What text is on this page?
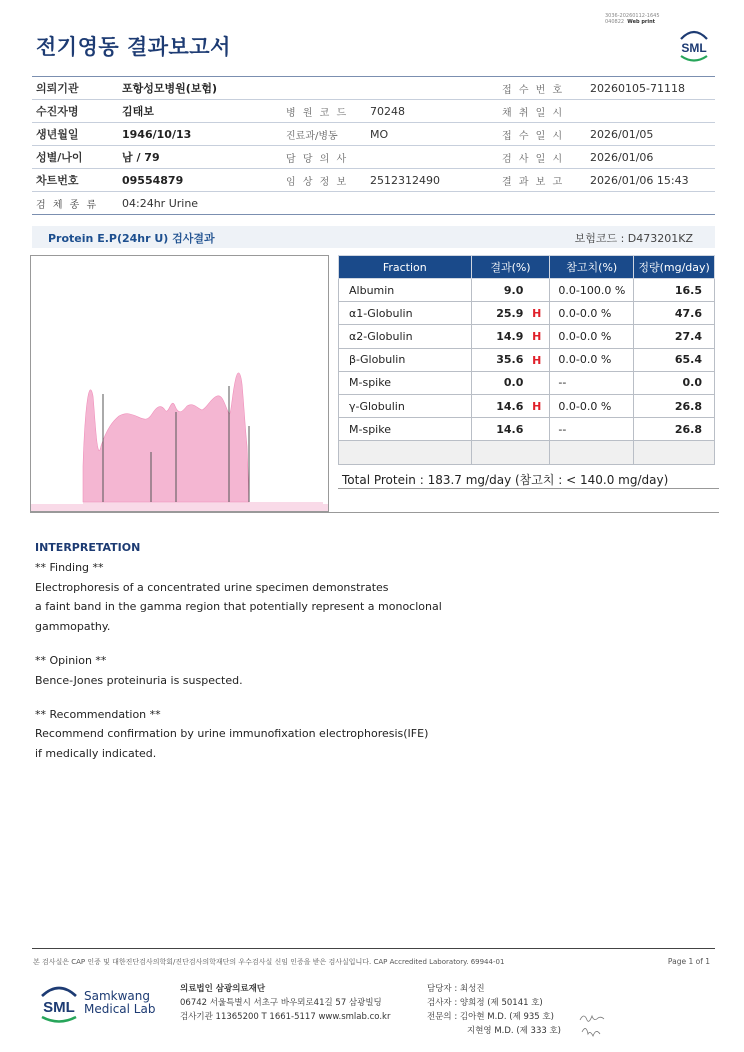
3036-20260112-1645
040822 Web print
SML
전기영동 결과보고서
의뢰기관	포항성모병원(보험)			접 수 번 호	20260105-71118
수진자명	김태보	병 원 코 드	70248	채 취 일 시	
생년월일	1946/10/13	진료과/병동	MO	접 수 일 시	2026/01/05
성별/나이	남 / 79	담 당 의 사		검 사 일 시	2026/01/06
차트번호	09554879	임 상 정 보	2512312490	결 과 보 고	2026/01/06 15:43
검 체 종 류	04:24hr Urine				
Protein E.P(24hr U) 검사결과	보험코드 : D473201KZ
Fraction	결과(%)	참고치(%)	정량(mg/day)
Albumin	9.0	0.0-100.0 %	16.5
α1-Globulin	25.9 H	0.0-0.0 %	47.6
α2-Globulin	14.9 H	0.0-0.0 %	27.4
β-Globulin	35.6 H	0.0-0.0 %	65.4
M-spike	0.0	--	0.0
γ-Globulin	14.6 H	0.0-0.0 %	26.8
M-spike	14.6	--	26.8

Total Protein : 183.7 mg/day (참고치 : < 140.0 mg/day)

INTERPRETATION

** Finding **

Electrophoresis of a concentrated urine specimen demonstrates

a faint band in the gamma region that potentially represent a monoclonal

gammopathy.

** Opinion **

Bence-Jones proteinuria is suspected.

** Recommendation **

Recommend confirmation by urine immunofixation electrophoresis(IFE)

if medically indicated.

본 검사실은 CAP 인증 및 대한진단검사의학회/진단검사의학재단의 우수검사실 신임 인증을 받은 검사실입니다. CAP Accredited Laboratory. 69944-01	Page 1 of 1
SML
Samkwang
Medical Lab
의료법인 삼광의료재단
06742 서울특별시 서초구 바우뫼로41길 57 삼광빌딩
검사기관 11365200 T 1661-5117 www.smlab.co.kr
담당자 : 최성진
검사자 : 양희정 (제 50141 호)
전문의 : 김아현 M.D. (제 935 호)
지현영 M.D. (제 333 호)
